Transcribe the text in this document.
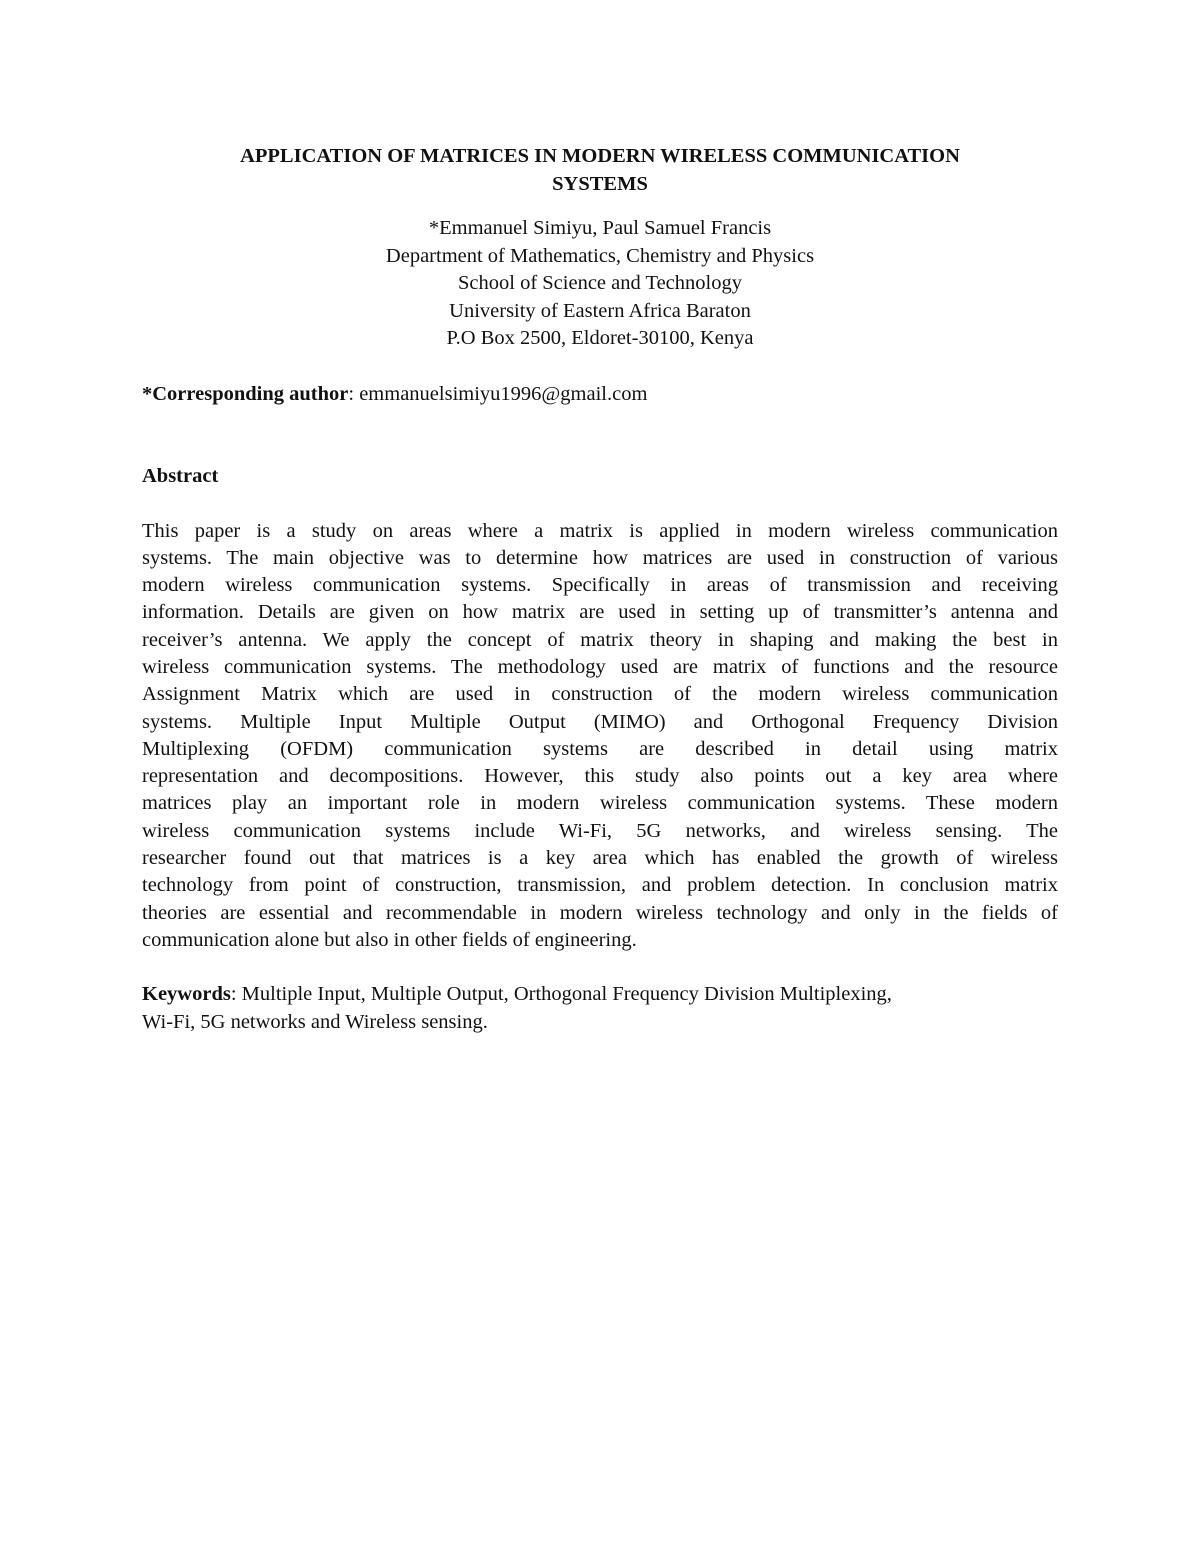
APPLICATION OF MATRICES IN MODERN WIRELESS COMMUNICATION
SYSTEMS
*Emmanuel Simiyu, Paul Samuel Francis
Department of Mathematics, Chemistry and Physics
School of Science and Technology
University of Eastern Africa Baraton
P.O Box 2500, Eldoret-30100, Kenya
*Corresponding author: emmanuelsimiyu1996@gmail.com
Abstract
This paper is a study on areas where a matrix is applied in modern wireless communication
systems. The main objective was to determine how matrices are used in construction of various
modern wireless communication systems. Specifically in areas of transmission and receiving
information. Details are given on how matrix are used in setting up of transmitter’s antenna and
receiver’s antenna. We apply the concept of matrix theory in shaping and making the best in
wireless communication systems. The methodology used are matrix of functions and the resource
Assignment Matrix which are used in construction of the modern wireless communication
systems. Multiple Input Multiple Output (MIMO) and Orthogonal Frequency Division
Multiplexing (OFDM) communication systems are described in detail using matrix
representation and decompositions. However, this study also points out a key area where
matrices play an important role in modern wireless communication systems. These modern
wireless communication systems include Wi-Fi, 5G networks, and wireless sensing. The
researcher found out that matrices is a key area which has enabled the growth of wireless
technology from point of construction, transmission, and problem detection. In conclusion matrix
theories are essential and recommendable in modern wireless technology and only in the fields of
communication alone but also in other fields of engineering.
Keywords: Multiple Input, Multiple Output, Orthogonal Frequency Division Multiplexing,
Wi-Fi, 5G networks and Wireless sensing.
